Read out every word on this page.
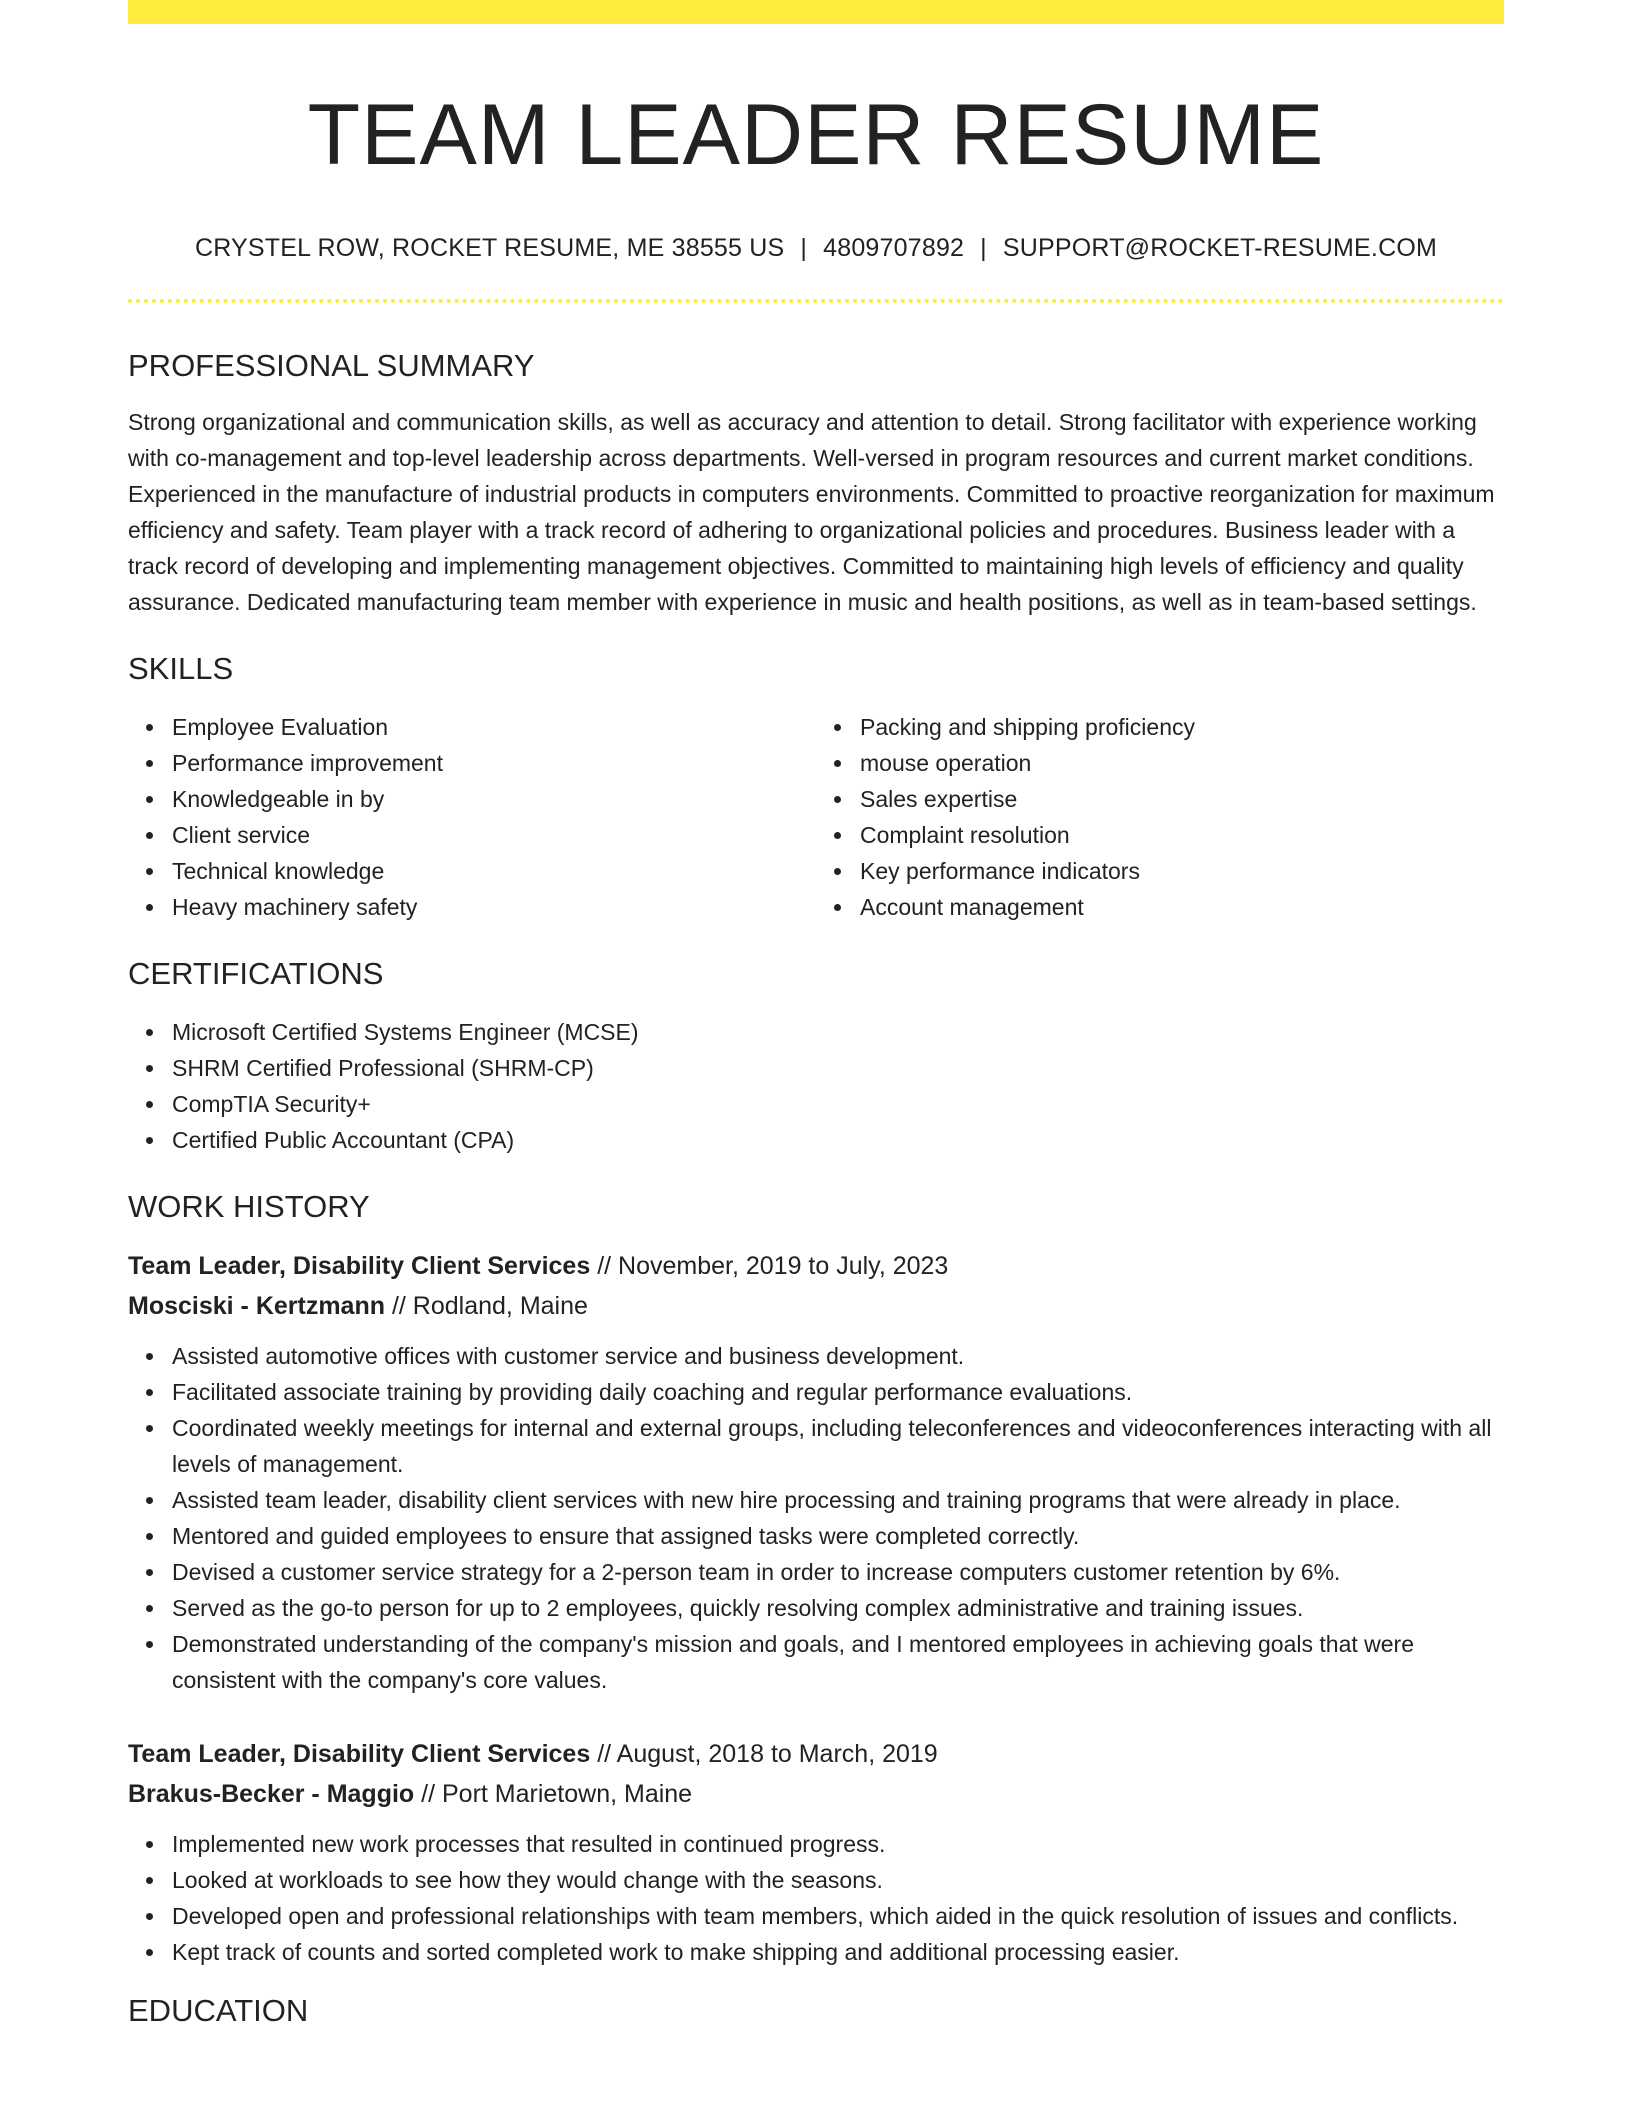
TEAM LEADER RESUME
CRYSTEL ROW, ROCKET RESUME, ME 38555 US | 4809707892 | SUPPORT@ROCKET-RESUME.COM
PROFESSIONAL SUMMARY

Strong organizational and communication skills, as well as accuracy and attention to detail. Strong facilitator with experience working with co-management and top-level leadership across departments. Well-versed in program resources and current market conditions. Experienced in the manufacture of industrial products in computers environments. Committed to proactive reorganization for maximum efficiency and safety. Team player with a track record of adhering to organizational policies and procedures. Business leader with a track record of developing and implementing management objectives. Committed to maintaining high levels of efficiency and quality assurance. Dedicated manufacturing team member with experience in music and health positions, as well as in team-based settings.

SKILLS
Employee Evaluation
Performance improvement
Knowledgeable in by
Client service
Technical knowledge
Heavy machinery safety
Packing and shipping proficiency
mouse operation
Sales expertise
Complaint resolution
Key performance indicators
Account management
CERTIFICATIONS
Microsoft Certified Systems Engineer (MCSE)
SHRM Certified Professional (SHRM-CP)
CompTIA Security+
Certified Public Accountant (CPA)
WORK HISTORY
Team Leader, Disability Client Services // November, 2019 to July, 2023
Mosciski - Kertzmann // Rodland, Maine
Assisted automotive offices with customer service and business development.
Facilitated associate training by providing daily coaching and regular performance evaluations.
Coordinated weekly meetings for internal and external groups, including teleconferences and videoconferences interacting with all levels of management.
Assisted team leader, disability client services with new hire processing and training programs that were already in place.
Mentored and guided employees to ensure that assigned tasks were completed correctly.
Devised a customer service strategy for a 2-person team in order to increase computers customer retention by 6%.
Served as the go-to person for up to 2 employees, quickly resolving complex administrative and training issues.
Demonstrated understanding of the company's mission and goals, and I mentored employees in achieving goals that were consistent with the company's core values.
Team Leader, Disability Client Services // August, 2018 to March, 2019
Brakus-Becker - Maggio // Port Marietown, Maine
Implemented new work processes that resulted in continued progress.
Looked at workloads to see how they would change with the seasons.
Developed open and professional relationships with team members, which aided in the quick resolution of issues and conflicts.
Kept track of counts and sorted completed work to make shipping and additional processing easier.
EDUCATION
